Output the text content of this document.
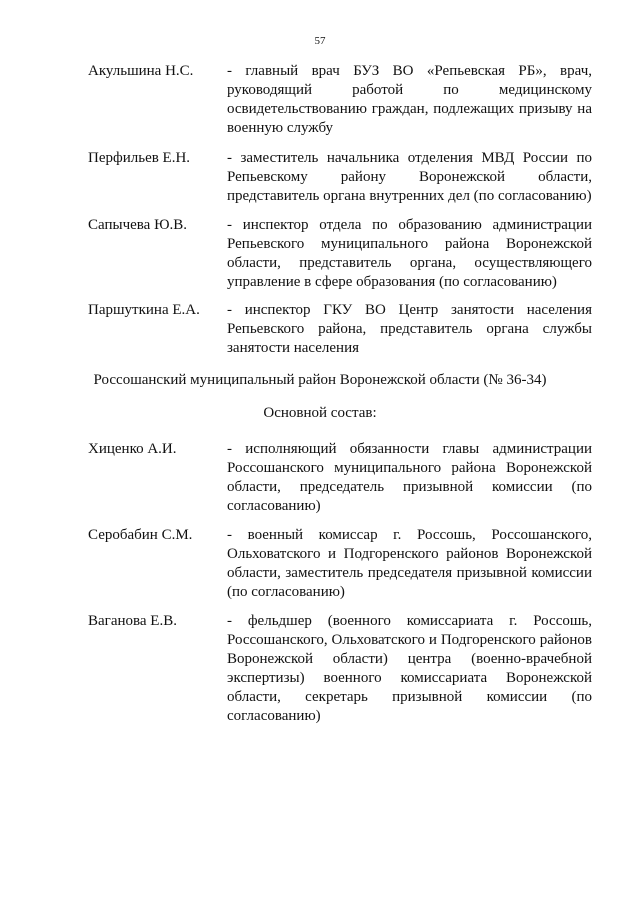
57
Акульшина Н.С. - главный врач БУЗ ВО «Репьевская РБ», врач,
руководящий работой по медицинскому
освидетельствованию граждан, подлежащих призыву на
военную службу
Перфильев Е.Н. - заместитель начальника отделения МВД России по
Репьевскому району Воронежской области,
представитель органа внутренних дел (по согласованию)
Сапычева Ю.В.	- инспектор отдела по образованию администрации
Репьевского муниципального района Воронежской
области, представитель органа, осуществляющего
управление в сфере образования (по согласованию)
Паршуткина Е.А. - инспектор ГКУ ВО Центр занятости населения
Репьевского района, представитель органа службы
занятости населения
Россошанский муниципальный район Воронежской области (№ 36-34)
Основной состав:
Хиценко А.И.	- исполняющий обязанности главы администрации
Россошанского муниципального района Воронежской
области, председатель призывной комиссии (по
согласованию)
Серобабин С.М. - военный комиссар г. Россошь, Россошанского,
Ольховатского и Подгоренского районов Воронежской
области, заместитель председателя призывной комиссии
(по согласованию)
Ваганова Е.В.	- фельдшер (военного комиссариата г. Россошь,
Россошанского, Ольховатского и Подгоренского районов
Воронежской области) центра (военно-врачебной
экспертизы) военного комиссариата Воронежской
области, секретарь призывной комиссии (по
согласованию)
